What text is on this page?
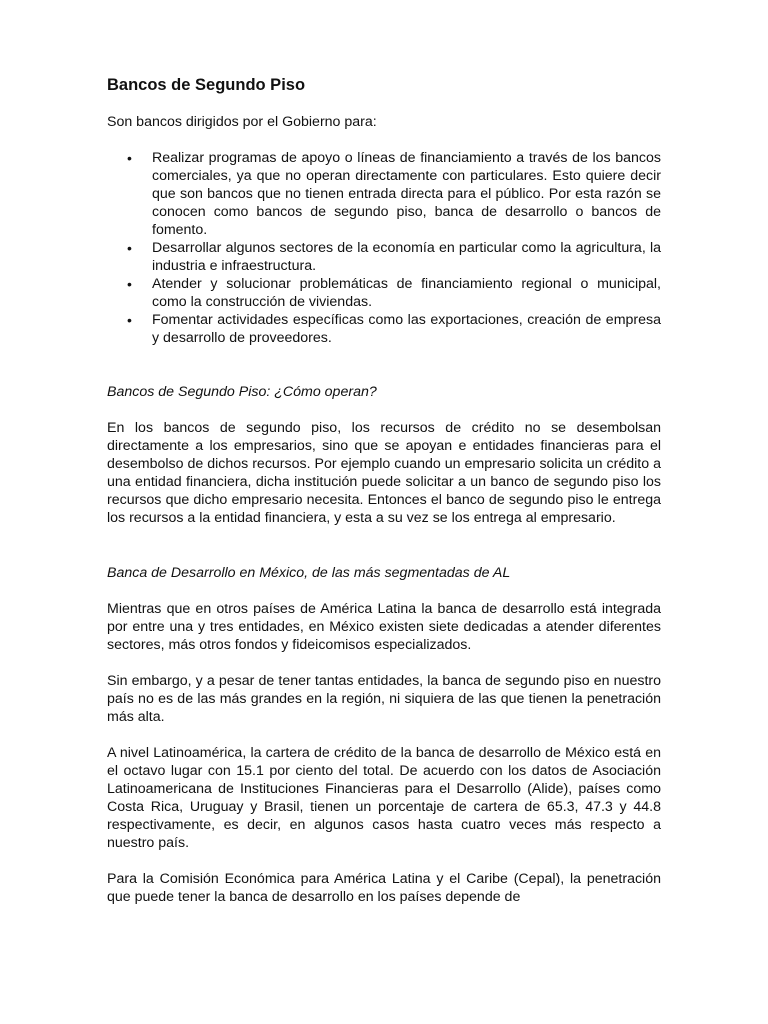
Bancos de Segundo Piso

Son bancos dirigidos por el Gobierno para:

• Realizar programas de apoyo o líneas de financiamiento a través de los bancos comerciales, ya que no operan directamente con particulares. Esto quiere decir que son bancos que no tienen entrada directa para el público. Por esta razón se conocen como bancos de segundo piso, banca de desarrollo o bancos de fomento.
• Desarrollar algunos sectores de la economía en particular como la agricultura, la industria e infraestructura.
• Atender y solucionar problemáticas de financiamiento regional o municipal, como la construcción de viviendas.
• Fomentar actividades específicas como las exportaciones, creación de empresa y desarrollo de proveedores.

Bancos de Segundo Piso: ¿Cómo operan?

En los bancos de segundo piso, los recursos de crédito no se desembolsan directamente a los empresarios, sino que se apoyan e entidades financieras para el desembolso de dichos recursos. Por ejemplo cuando un empresario solicita un crédito a una entidad financiera, dicha institución puede solicitar a un banco de segundo piso los recursos que dicho empresario necesita. Entonces el banco de segundo piso le entrega los recursos a la entidad financiera, y esta a su vez se los entrega al empresario.

Banca de Desarrollo en México, de las más segmentadas de AL

Mientras que en otros países de América Latina la banca de desarrollo está integrada por entre una y tres entidades, en México existen siete dedicadas a atender diferentes sectores, más otros fondos y fideicomisos especializados.

Sin embargo, y a pesar de tener tantas entidades, la banca de segundo piso en nuestro país no es de las más grandes en la región, ni siquiera de las que tienen la penetración más alta.

A nivel Latinoamérica, la cartera de crédito de la banca de desarrollo de México está en el octavo lugar con 15.1 por ciento del total. De acuerdo con los datos de Asociación Latinoamericana de Instituciones Financieras para el Desarrollo (Alide), países como Costa Rica, Uruguay y Brasil, tienen un porcentaje de cartera de 65.3, 47.3 y 44.8 respectivamente, es decir, en algunos casos hasta cuatro veces más respecto a nuestro país.

Para la Comisión Económica para América Latina y el Caribe (Cepal), la penetración que puede tener la banca de desarrollo en los países depende de
